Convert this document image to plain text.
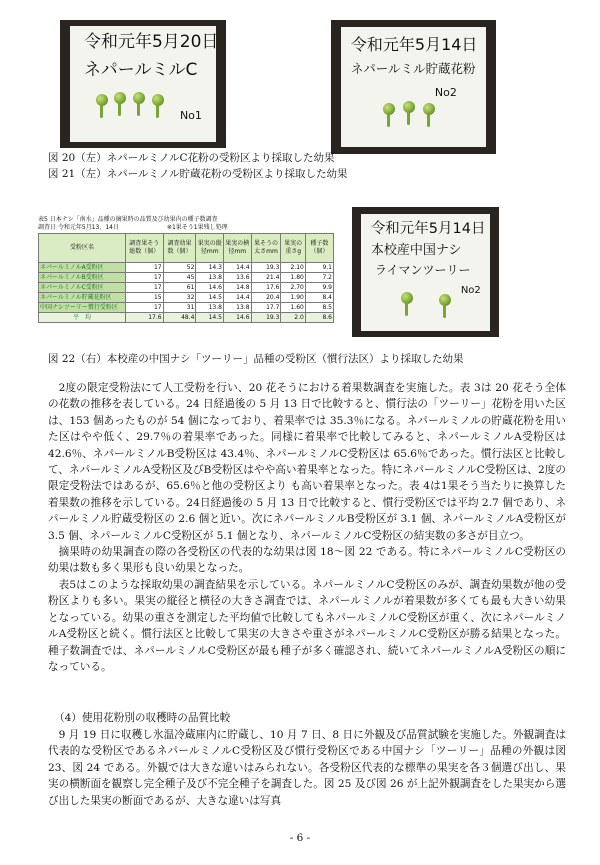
令和元年5月20日
ネパールミルC
No1
令和元年5月14日
ネパールミル貯蔵花粉
No2
図 20（左）ネパールミノルC花粉の受粉区より採取した幼果
図 21（左）ネパールミノル貯蔵花粉の受粉区より採取した幼果
表5 日本ナシ「南水」品種の摘果時の品質及び幼果内の種子数調査
調査日 令和元年5月13、14日	※1果そう1果残し処理
受粉区名	調査果そう総数（個）	調査幼果数（個）	果実の縦径mm	果実の横径mm	果そうの太さmm	果実の重さg	種子数（個）
ネパールミノルA受粉区	17	52	14.3	14.4	19.3	2.10	9.1
ネパールミノルB受粉区	17	45	13.8	13.6	21.4	1.80	7.2
ネパールミノルC受粉区	17	61	14.6	14.8	17.6	2.70	9.9
ネパールミノル貯蔵花粉区	15	32	14.5	14.4	20.4	1.90	8.4
中国ナシツーリー慣行受粉区	17	31	13.8	13.8	17.7	1.60	8.5
平　均	17.6	48.4	14.5	14.6	19.3	2.0	8.6
令和元年5月14日
本校産中国ナシ
ライマンツーリー
No2
図 22（右）本校産の中国ナシ「ツーリー」品種の受粉区（慣行法区）より採取した幼果

2度の限定受粉法にて人工受粉を行い、20 花そうにおける着果数調査を実施した。表 3は 20 花そう全体の花数の推移を表している。24 日経過後の 5 月 13 日で比較すると、慣行法の「ツーリー」花粉を用いた区は、153 個あったものが 54 個になっており、着果率では 35.3％になる。ネパールミノルの貯蔵花粉を用いた区はやや低く、29.7％の着果率であった。同様に着果率で比較してみると、ネパールミノルA受粉区は 42.6％、ネパールミノルB受粉区は 43.4％、ネパールミノルC受粉区は 65.6％であった。慣行法区と比較して、ネパールミノルA受粉区及びB受粉区はやや高い着果率となった。特にネパールミノルC受粉区は、2度の限定受粉法ではあるが、65.6％と他の受粉区より も高い着果率となった。表 4は1果そう当たりに換算した着果数の推移を示している。24日経過後の 5 月 13 日で比較すると、慣行受粉区では平均 2.7 個であり、ネパールミノル貯蔵受粉区の 2.6 個と近い。次にネパールミノルB受粉区が 3.1 個、ネパールミノルA受粉区が 3.5 個、ネパールミノルC受粉区が 5.1 個となり、ネパールミノルC受粉区の結実数の多さが目立つ。

摘果時の幼果調査の際の各受粉区の代表的な幼果は図 18～図 22 である。特にネパールミノルC受粉区の幼果は数も多く果形も良い幼果となった。

表5はこのような採取幼果の調査結果を示している。ネパールミノルC受粉区のみが、調査幼果数が他の受粉区よりも多い。果実の縦径と横径の大きさ調査では、ネパールミノルが着果数が多くても最も大きい幼果となっている。幼果の重さを測定した平均値で比較してもネパールミノルC受粉区が重く、次にネパールミノルA受粉区と続く。慣行法区と比較して果実の大きさや重さがネパールミノルC受粉区が勝る結果となった。種子数調査では、ネパールミノルC受粉区が最も種子が多く確認され、続いてネパールミノルA受粉区の順になっている。

（4）使用花粉別の収穫時の品質比較

9 月 19 日に収穫し氷温冷蔵庫内に貯蔵し、10 月 7 日、8 日に外観及び品質試験を実施した。外観調査は代表的な受粉区であるネパールミノルC受粉区及び慣行受粉区である中国ナシ「ツーリー」品種の外観は図 23、図 24 である。外観では大きな違いはみられない。各受粉区代表的な標準の果実を各３個選び出し、果実の横断面を観察し完全種子及び不完全種子を調査した。図 25 及び図 26 が上記外観調査をした果実から選び出した果実の断面であるが、大きな違いは写真

- 6 -
